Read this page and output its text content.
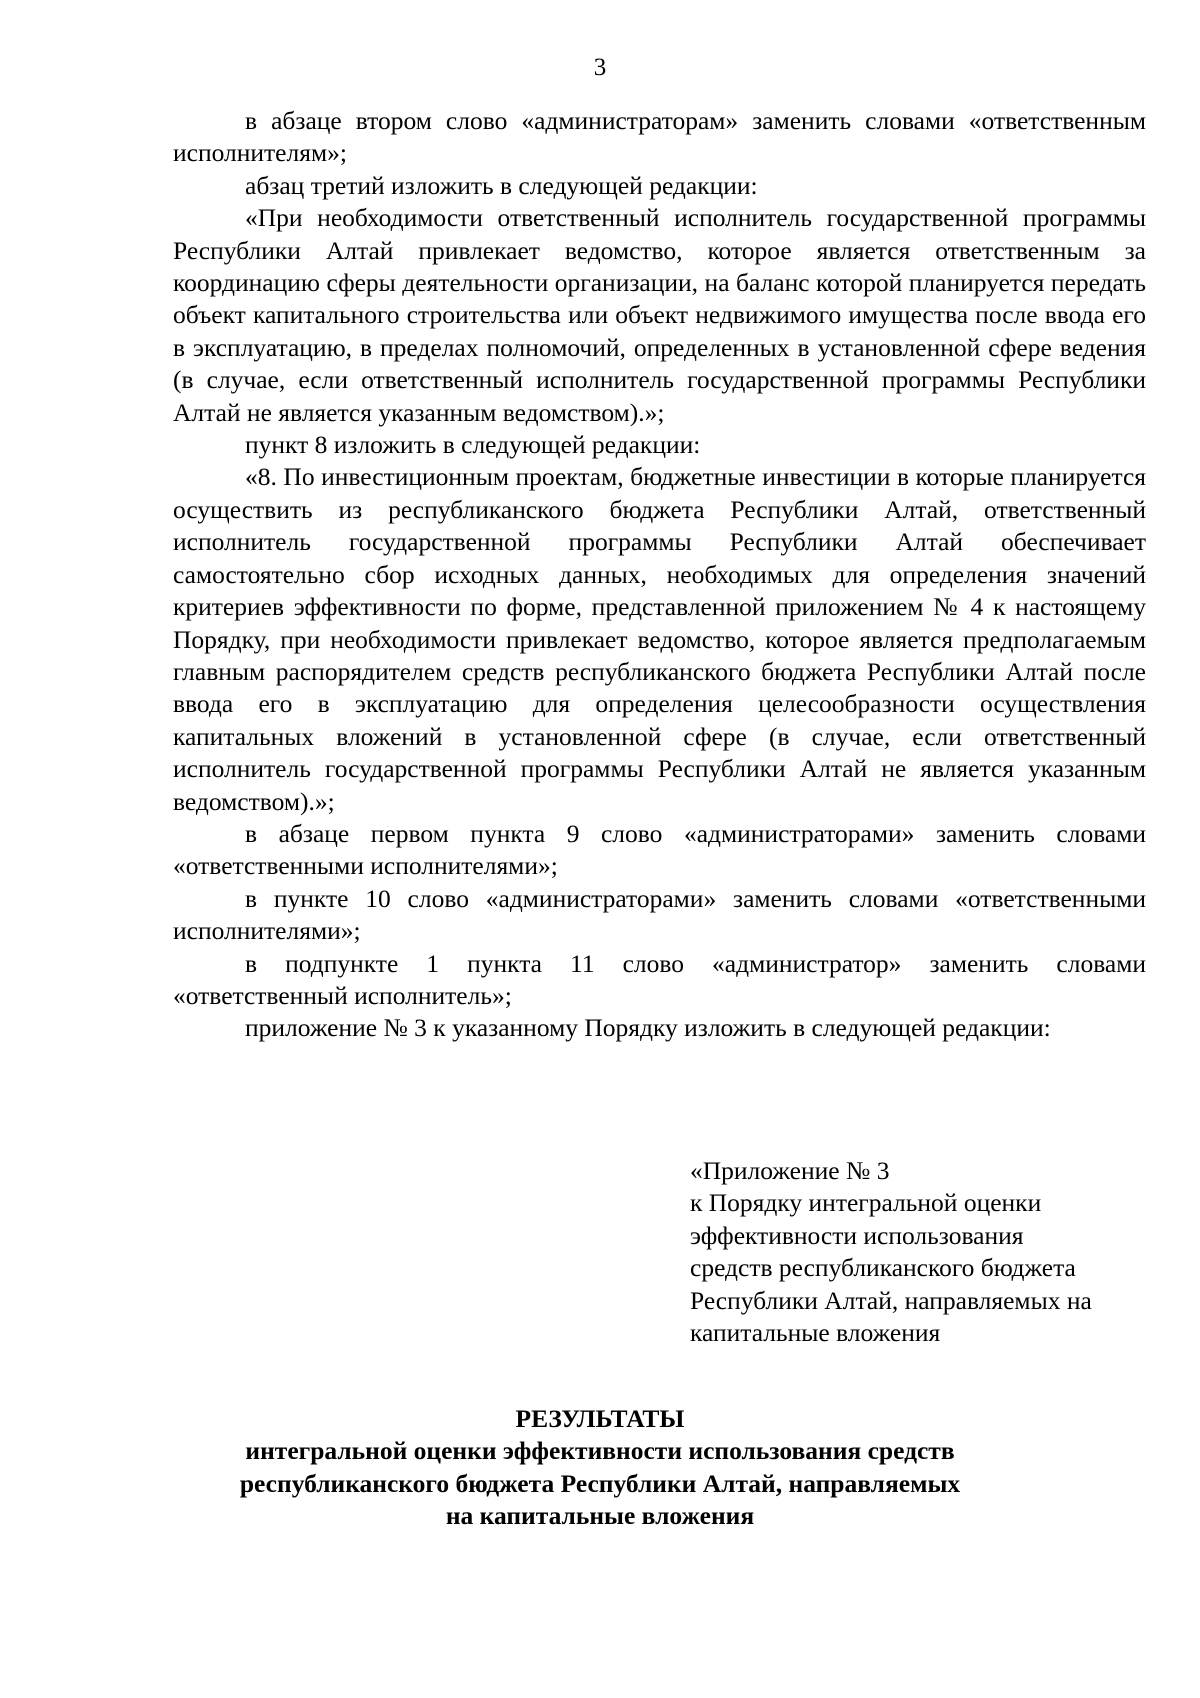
3

в абзаце втором слово «администраторам» заменить словами «ответственным исполнителям»;

абзац третий изложить в следующей редакции:

«При необходимости ответственный исполнитель государственной программы Республики Алтай привлекает ведомство, которое является ответственным за координацию сферы деятельности организации, на баланс которой планируется передать объект капитального строительства или объект недвижимого имущества после ввода его в эксплуатацию, в пределах полномочий, определенных в установленной сфере ведения (в случае, если ответственный исполнитель государственной программы Республики Алтай не является указанным ведомством).»;

пункт 8 изложить в следующей редакции:

«8. По инвестиционным проектам, бюджетные инвестиции в которые планируется осуществить из республиканского бюджета Республики Алтай, ответственный исполнитель государственной программы Республики Алтай обеспечивает самостоятельно сбор исходных данных, необходимых для определения значений критериев эффективности по форме, представленной приложением № 4 к настоящему Порядку, при необходимости привлекает ведомство, которое является предполагаемым главным распорядителем средств республиканского бюджета Республики Алтай после ввода его в эксплуатацию для определения целесообразности осуществления капитальных вложений в установленной сфере (в случае, если ответственный исполнитель государственной программы Республики Алтай не является указанным ведомством).»;

в абзаце первом пункта 9 слово «администраторами» заменить словами «ответственными исполнителями»;

в пункте 10 слово «администраторами» заменить словами «ответственными исполнителями»;

в подпункте 1 пункта 11 слово «администратор» заменить словами «ответственный исполнитель»;

приложение № 3 к указанному Порядку изложить в следующей редакции:

«Приложение № 3
к Порядку интегральной оценки
эффективности использования
средств республиканского бюджета
Республики Алтай, направляемых на
капитальные вложения
РЕЗУЛЬТАТЫ
интегральной оценки эффективности использования средств
республиканского бюджета Республики Алтай, направляемых
на капитальные вложения
